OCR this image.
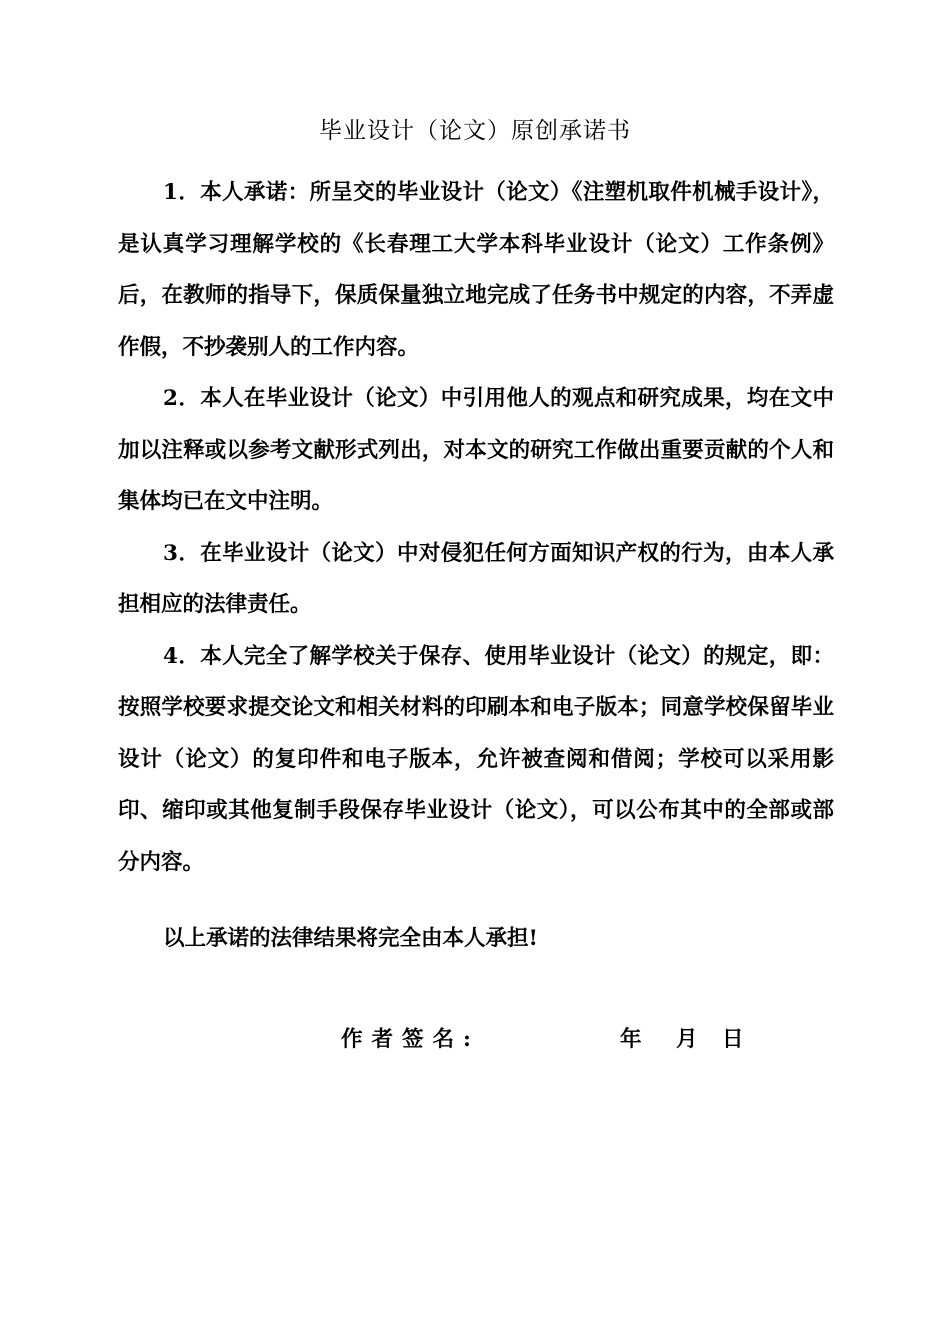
毕业设计（论文）原创承诺书

1．本人承诺：所呈交的毕业设计（论文）《注塑机取件机械手设计》，是认真学习理解学校的《长春理工大学本科毕业设计（论文）工作条例》后，在教师的指导下，保质保量独立地完成了任务书中规定的内容，不弄虚作假，不抄袭别人的工作内容。

2．本人在毕业设计（论文）中引用他人的观点和研究成果，均在文中加以注释或以参考文献形式列出，对本文的研究工作做出重要贡献的个人和集体均已在文中注明。

3．在毕业设计（论文）中对侵犯任何方面知识产权的行为，由本人承担相应的法律责任。

4．本人完全了解学校关于保存、使用毕业设计（论文）的规定，即：按照学校要求提交论文和相关材料的印刷本和电子版本；同意学校保留毕业设计（论文）的复印件和电子版本，允许被查阅和借阅；学校可以采用影印、缩印或其他复制手段保存毕业设计（论文），可以公布其中的全部或部分内容。

以上承诺的法律结果将完全由本人承担!

作者签名:	年 月 日
